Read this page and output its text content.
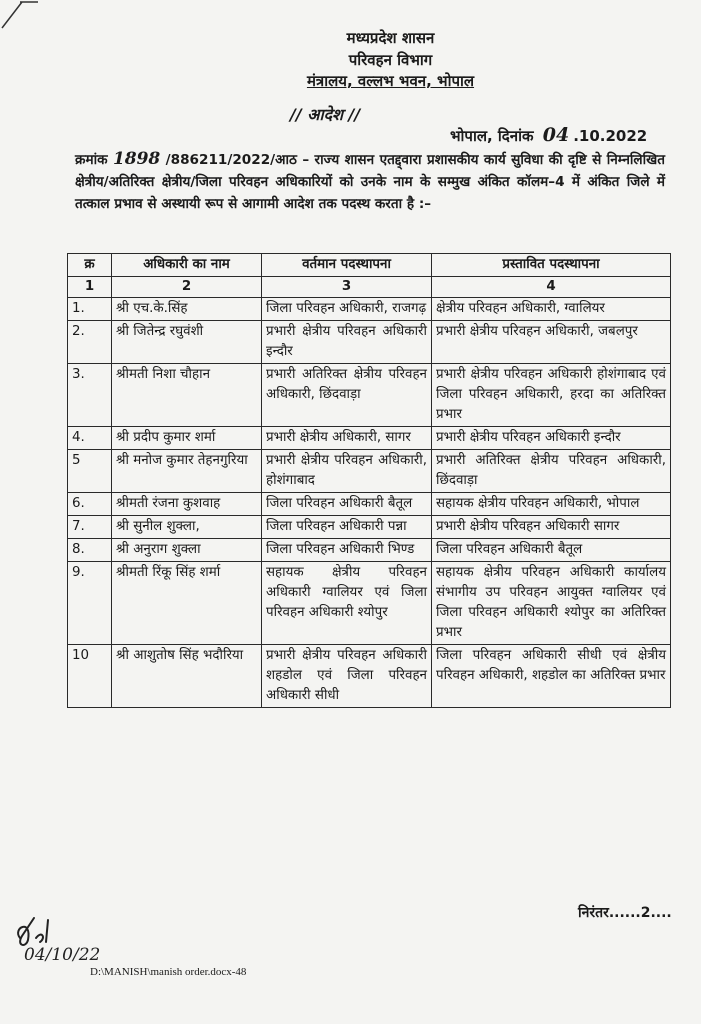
मध्यप्रदेश शासन
परिवहन विभाग
मंत्रालय, वल्लभ भवन, भोपाल
// आदेश //
भोपाल, दिनांक 04 .10.2022
क्रमांक 1898 /886211/2022/आठ – राज्य शासन एतद्द्वारा प्रशासकीय कार्य सुविधा की दृष्टि से निम्नलिखित क्षेत्रीय/अतिरिक्त क्षेत्रीय/जिला परिवहन अधिकारियों को उनके नाम के सम्मुख अंकित कॉलम–4 में अंकित जिले में तत्काल प्रभाव से अस्थायी रूप से आगामी आदेश तक पदस्थ करता है :–
क्र	अधिकारी का नाम	वर्तमान पदस्थापना	प्रस्तावित पदस्थापना
1	2	3	4
1.	श्री एच.के.सिंह	जिला परिवहन अधिकारी, राजगढ़	क्षेत्रीय परिवहन अधिकारी, ग्वालियर
2.	श्री जितेन्द्र रघुवंशी	प्रभारी क्षेत्रीय परिवहन अधिकारी इन्दौर	प्रभारी क्षेत्रीय परिवहन अधिकारी, जबलपुर
3.	श्रीमती निशा चौहान	प्रभारी अतिरिक्त क्षेत्रीय परिवहन अधिकारी, छिंदवाड़ा	प्रभारी क्षेत्रीय परिवहन अधिकारी होशंगाबाद एवं जिला परिवहन अधिकारी, हरदा का अतिरिक्त प्रभार
4.	श्री प्रदीप कुमार शर्मा	प्रभारी क्षेत्रीय अधिकारी, सागर	प्रभारी क्षेत्रीय परिवहन अधिकारी इन्दौर
5	श्री मनोज कुमार तेहनगुरिया	प्रभारी क्षेत्रीय परिवहन अधिकारी, होशंगाबाद	प्रभारी अतिरिक्त क्षेत्रीय परिवहन अधिकारी, छिंदवाड़ा
6.	श्रीमती रंजना कुशवाह	जिला परिवहन अधिकारी बैतूल	सहायक क्षेत्रीय परिवहन अधिकारी, भोपाल
7.	श्री सुनील शुक्ला,	जिला परिवहन अधिकारी पन्ना	प्रभारी क्षेत्रीय परिवहन अधिकारी सागर
8.	श्री अनुराग शुक्ला	जिला परिवहन अधिकारी भिण्ड	जिला परिवहन अधिकारी बैतूल
9.	श्रीमती रिंकू सिंह शर्मा	सहायक क्षेत्रीय परिवहन अधिकारी ग्वालियर एवं जिला परिवहन अधिकारी श्योपुर	सहायक क्षेत्रीय परिवहन अधिकारी कार्यालय संभागीय उप परिवहन आयुक्त ग्वालियर एवं जिला परिवहन अधिकारी श्योपुर का अतिरिक्त प्रभार
10	श्री आशुतोष सिंह भदौरिया	प्रभारी क्षेत्रीय परिवहन अधिकारी शहडोल एवं जिला परिवहन अधिकारी सीधी	जिला परिवहन अधिकारी सीधी एवं क्षेत्रीय परिवहन अधिकारी, शहडोल का अतिरिक्त प्रभार
निरंतर......2....
04/10/22
D:\MANISH\manish order.docx-48
